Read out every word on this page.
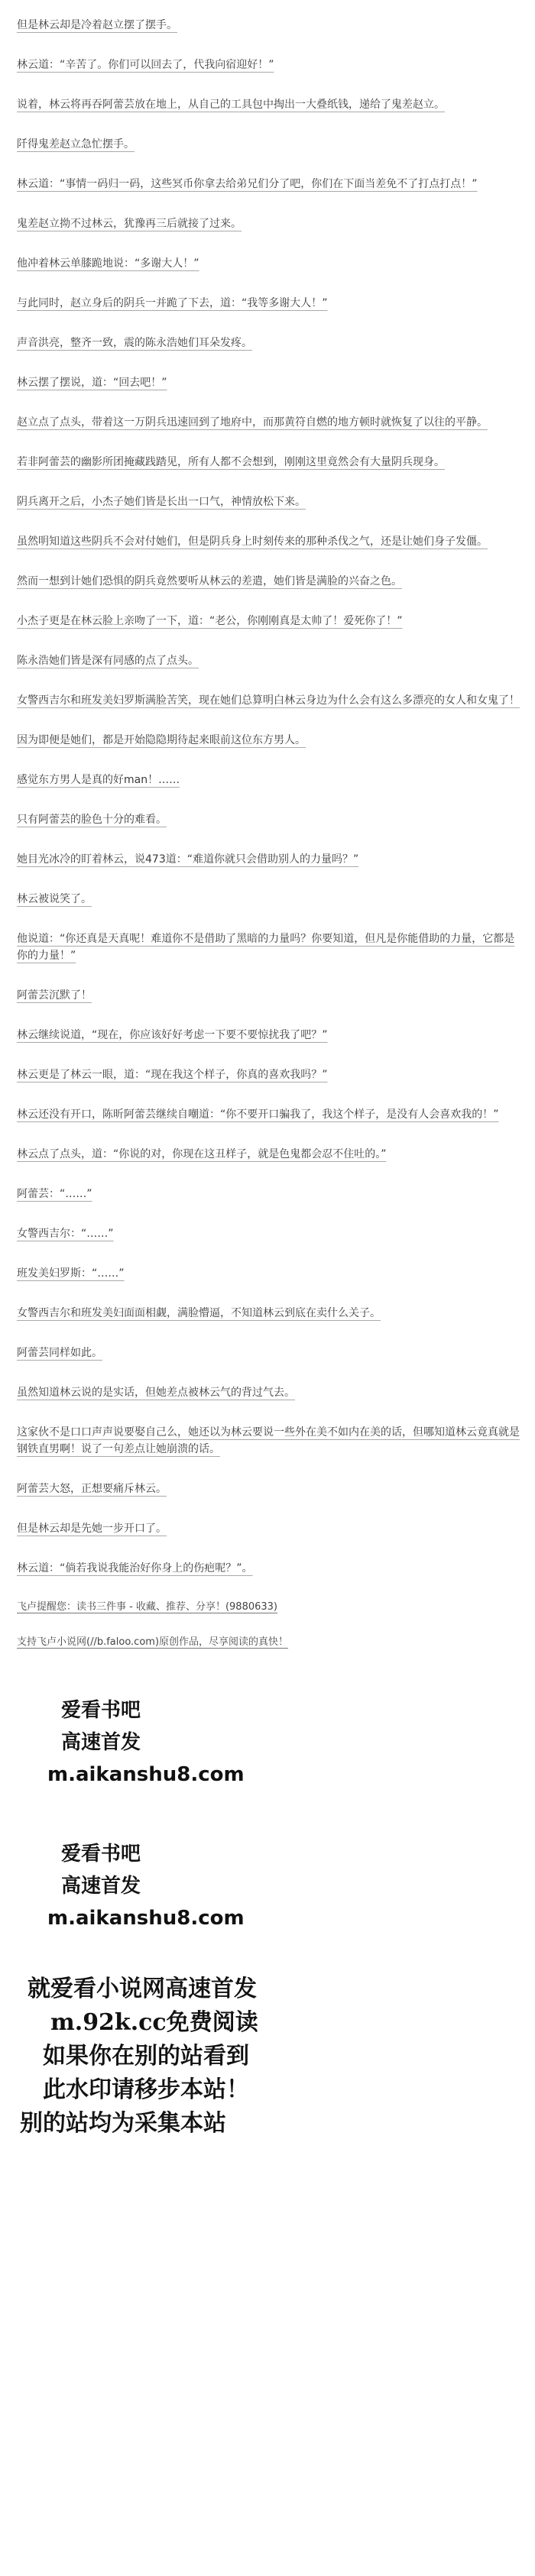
但是林云却是冷着赵立摆了摆手。

林云道：“辛苦了。你们可以回去了，代我向宿迎好！”

说着，林云将再吞阿蕾芸放在地上，从自己的工具包中掏出一大叠纸钱，递给了鬼差赵立。

阡得鬼差赵立急忙摆手。

林云道：“事情一码归一码，这些冥币你拿去给弟兄们分了吧，你们在下面当差免不了打点打点！”

鬼差赵立拗不过林云，犹豫再三后就接了过来。

他冲着林云单膝跪地说：“多谢大人！”

与此同时，赵立身后的阴兵一并跪了下去，道：“我等多谢大人！”

声音洪亮，整齐一致，震的陈永浩她们耳朵发疼。

林云摆了摆说，道：“回去吧！”

赵立点了点头，带着这一万阴兵迅速回到了地府中，而那黄符自燃的地方顿时就恢复了以往的平静。

若非阿蕾芸的幽影所团掩藏践踏见，所有人都不会想到，刚刚这里竟然会有大量阴兵现身。

阴兵离开之后，小杰子她们皆是长出一口气，神情放松下来。

虽然明知道这些阴兵不会对付她们，但是阴兵身上时刻传来的那种杀伐之气，还是让她们身子发僵。

然而一想到计她们恐惧的阴兵竟然要听从林云的差遣，她们皆是满脸的兴奋之色。

小杰子更是在林云脸上亲吻了一下，道：“老公，你刚刚真是太帅了！爱死你了！”

陈永浩她们皆是深有同感的点了点头。

女警西吉尔和班发美妇罗斯满脸苦笑，现在她们总算明白林云身边为什么会有这么多漂亮的女人和女鬼了！

因为即便是她们，都是开始隐隐期待起来眼前这位东方男人。

感觉东方男人是真的好man！……

只有阿蕾芸的脸色十分的难看。

她目光冰冷的盯着林云，说473道：“难道你就只会借助别人的力量吗？”

林云被说笑了。

他说道：“你还真是天真呢！难道你不是借助了黑暗的力量吗？你要知道，但凡是你能借助的力量，它都是你的力量！”

阿蕾芸沉默了！

林云继续说道，“现在，你应该好好考虑一下要不要惊扰我了吧？”

林云更是了林云一眼，道：“现在我这个样子，你真的喜欢我吗？”

林云还没有开口，陈昕阿蕾芸继续自嘲道：“你不要开口骗我了，我这个样子，是没有人会喜欢我的！”

林云点了点头，道：“你说的对，你现在这丑样子，就是色鬼都会忍不住吐的。”

阿蕾芸：“……”

女警西吉尔：“……”

班发美妇罗斯：“……”

女警西吉尔和班发美妇面面相觑，满脸懵逼，不知道林云到底在卖什么关子。

阿蕾芸同样如此。

虽然知道林云说的是实话，但她差点被林云气的背过气去。

这家伙不是口口声声说要娶自己么，她还以为林云要说一些外在美不如内在美的话，但哪知道林云竟真就是钢铁直男啊！说了一句差点让她崩溃的话。

阿蕾芸大怒，正想要痛斥林云。

但是林云却是先她一步开口了。

林云道：“倘若我说我能治好你身上的伤疤呢？”。

飞卢提醒您：读书三件事 - 收藏、推荐、分享！(9880633)

支持飞卢小说网(//b.faloo.com)原创作品，尽享阅读的真快！

爱看书吧
高速首发
m.aikanshu8.com
爱看书吧
高速首发
m.aikanshu8.com
就爱看小说网高速首发
m.92k.cc免费阅读
如果你在别的站看到
此水印请移步本站！
别的站均为采集本站
